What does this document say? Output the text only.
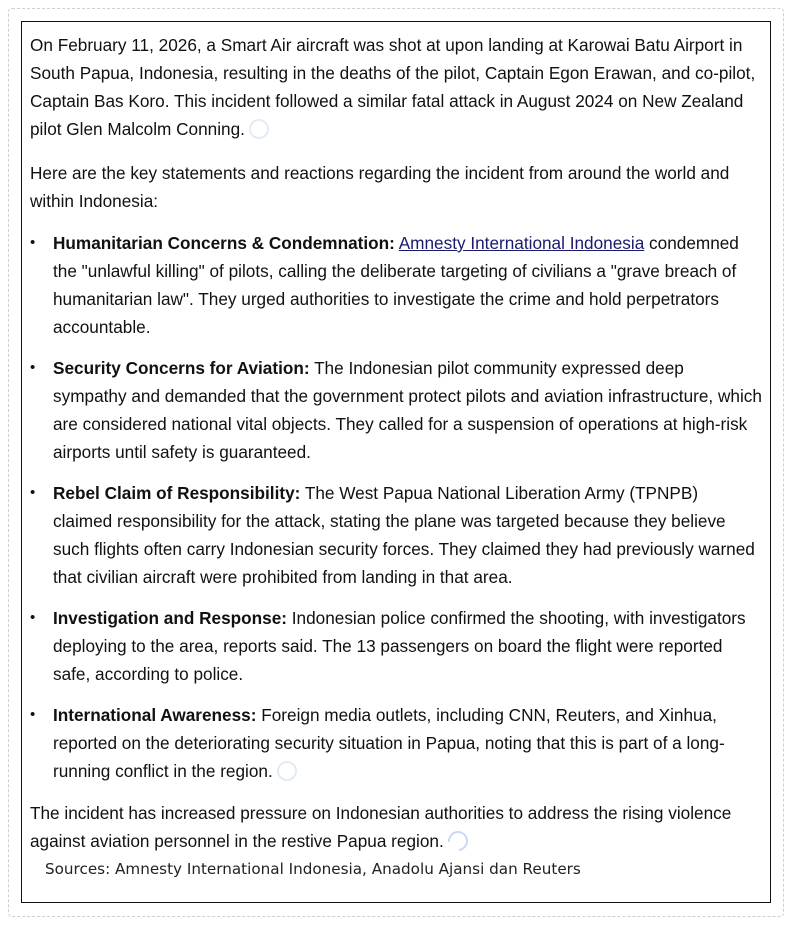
On February 11, 2026, a Smart Air aircraft was shot at upon landing at Karowai Batu Airport in South Papua, Indonesia, resulting in the deaths of the pilot, Captain Egon Erawan, and co-pilot, Captain Bas Koro. This incident followed a similar fatal attack in August 2024 on New Zealand pilot Glen Malcolm Conning.

Here are the key statements and reactions regarding the incident from around the world and within Indonesia:

• Humanitarian Concerns & Condemnation: Amnesty International Indonesia condemned the "unlawful killing" of pilots, calling the deliberate targeting of civilians a "grave breach of humanitarian law". They urged authorities to investigate the crime and hold perpetrators accountable.
• Security Concerns for Aviation: The Indonesian pilot community expressed deep sympathy and demanded that the government protect pilots and aviation infrastructure, which are considered national vital objects. They called for a suspension of operations at high-risk airports until safety is guaranteed.
• Rebel Claim of Responsibility: The West Papua National Liberation Army (TPNPB) claimed responsibility for the attack, stating the plane was targeted because they believe such flights often carry Indonesian security forces. They claimed they had previously warned that civilian aircraft were prohibited from landing in that area.
• Investigation and Response: Indonesian police confirmed the shooting, with investigators deploying to the area, reports said. The 13 passengers on board the flight were reported safe, according to police.
• International Awareness: Foreign media outlets, including CNN, Reuters, and Xinhua, reported on the deteriorating security situation in Papua, noting that this is part of a long-running conflict in the region.

The incident has increased pressure on Indonesian authorities to address the rising violence against aviation personnel in the restive Papua region.

Sources: Amnesty International Indonesia, Anadolu Ajansi dan Reuters
